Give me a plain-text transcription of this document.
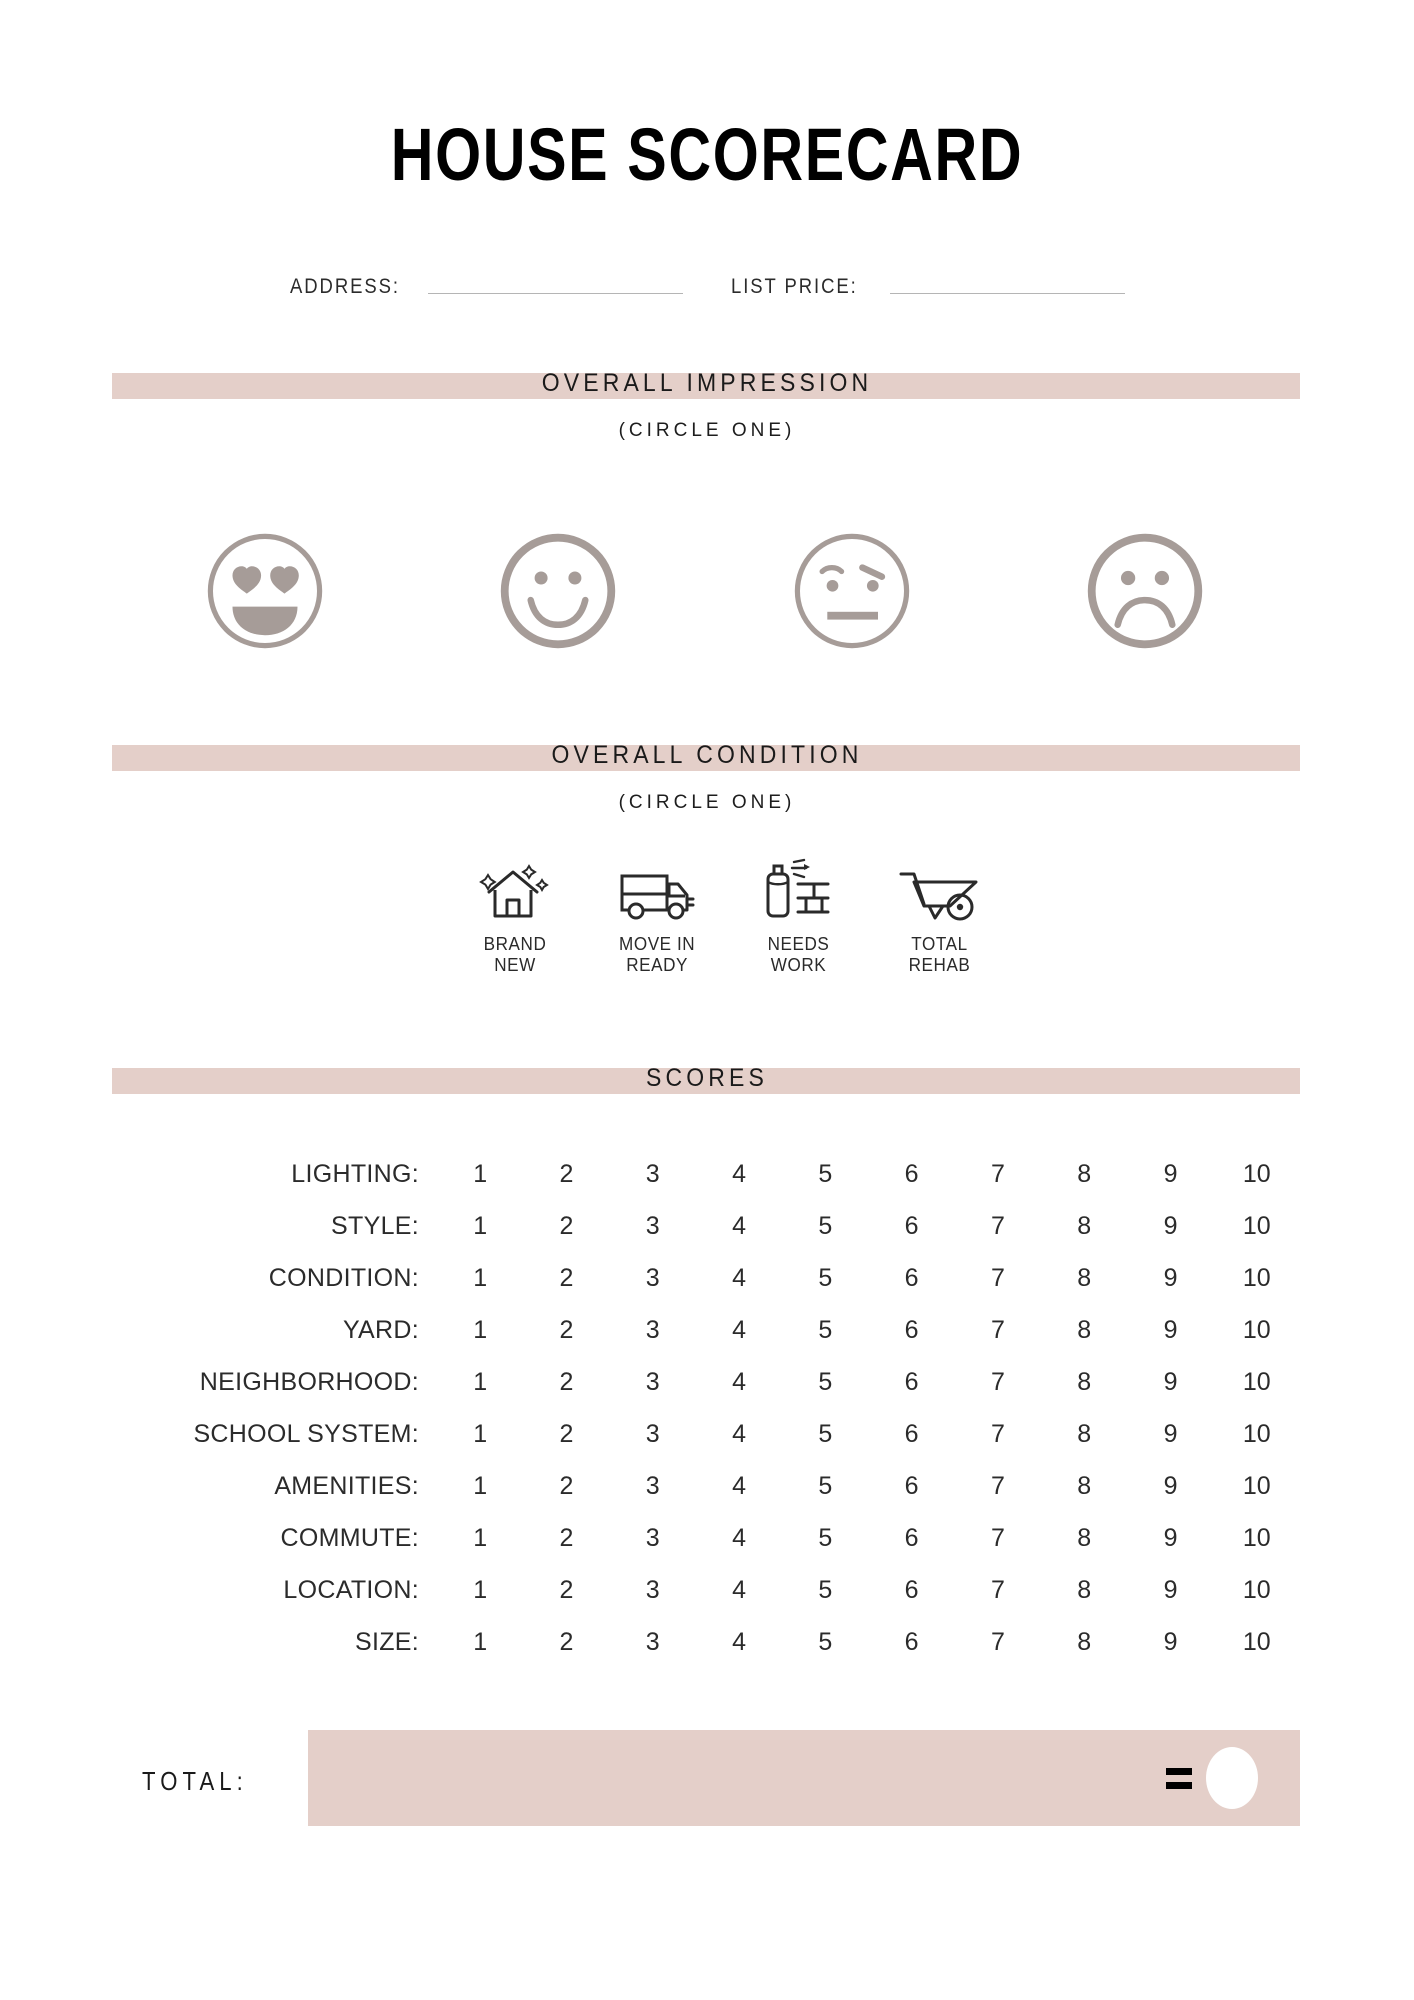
HOUSE SCORECARD
ADDRESS:	LIST PRICE:
OVERALL IMPRESSION
(CIRCLE ONE)
OVERALL CONDITION
(CIRCLE ONE)
BRAND
NEW
MOVE IN
READY
NEEDS
WORK
TOTAL
REHAB
SCORES
LIGHTING:	1	2	3	4	5	6	7	8	9	10
STYLE:	1	2	3	4	5	6	7	8	9	10
CONDITION:	1	2	3	4	5	6	7	8	9	10
YARD:	1	2	3	4	5	6	7	8	9	10
NEIGHBORHOOD:	1	2	3	4	5	6	7	8	9	10
SCHOOL SYSTEM:	1	2	3	4	5	6	7	8	9	10
AMENITIES:	1	2	3	4	5	6	7	8	9	10
COMMUTE:	1	2	3	4	5	6	7	8	9	10
LOCATION:	1	2	3	4	5	6	7	8	9	10
SIZE:	1	2	3	4	5	6	7	8	9	10
TOTAL:
